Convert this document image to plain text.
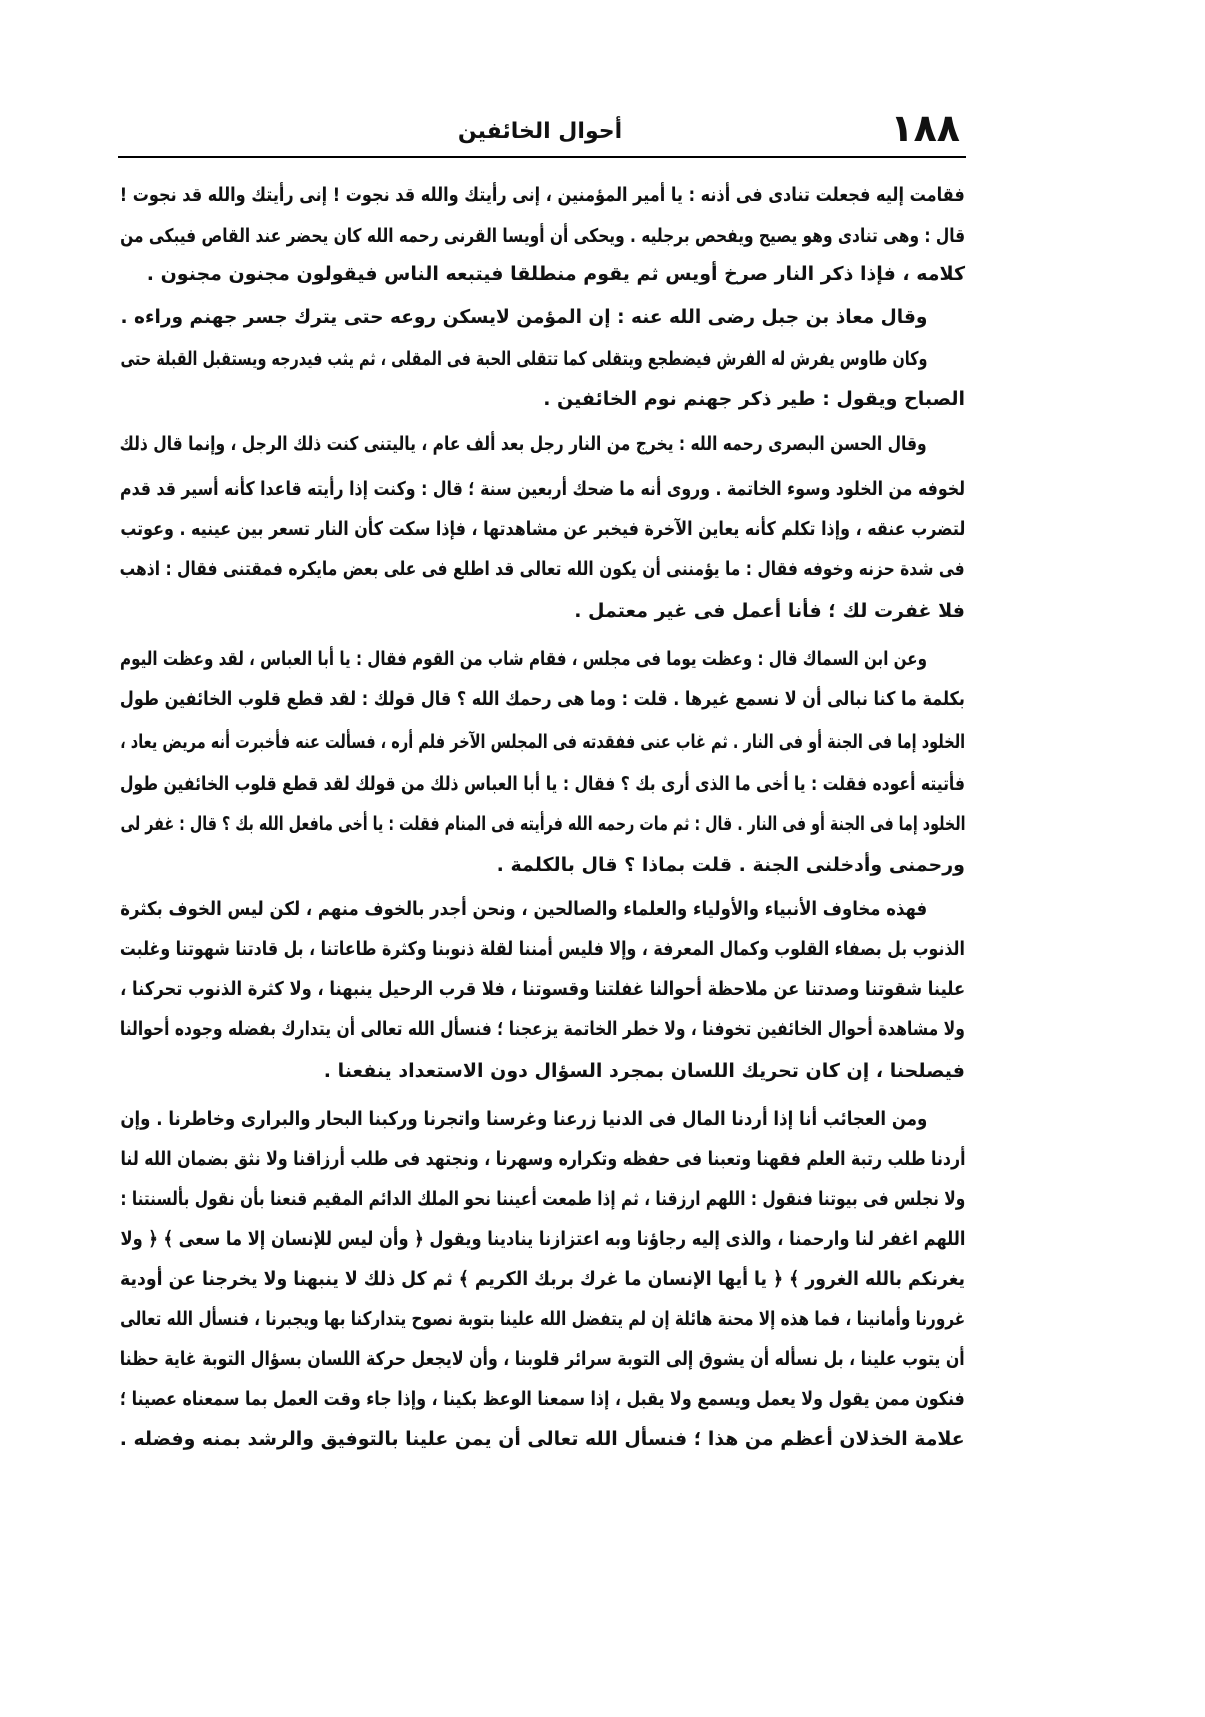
١٨٨
أحوال الخائفين
فقامت إليه فجعلت تنادى فى أذنه : يا أمير المؤمنين ، إنى رأيتك والله قد نجوت ! إنى رأيتك والله قد نجوت !
قال : وهى تنادى وهو يصيح ويفحص برجليه . ويحكى أن أويسا القرنى رحمه الله كان يحضر عند القاص فيبكى من
كلامه ، فإذا ذكر النار صرخ أويس ثم يقوم منطلقا فيتبعه الناس فيقولون مجنون مجنون .
وقال معاذ بن جبل رضى الله عنه : إن المؤمن لايسكن روعه حتى يترك جسر جهنم وراءه .
وكان طاوس يفرش له الفرش فيضطجع ويتقلى كما تتقلى الحبة فى المقلى ، ثم يثب فيدرجه ويستقبل القبلة حتى
الصباح ويقول : طير ذكر جهنم نوم الخائفين .
وقال الحسن البصرى رحمه الله : يخرج من النار رجل بعد ألف عام ، ياليتنى كنت ذلك الرجل ، وإنما قال ذلك
لخوفه من الخلود وسوء الخاتمة . وروى أنه ما ضحك أربعين سنة ؛ قال : وكنت إذا رأيته قاعدا كأنه أسير قد قدم
لتضرب عنقه ، وإذا تكلم كأنه يعاين الآخرة فيخبر عن مشاهدتها ، فإذا سكت كأن النار تسعر بين عينيه . وعوتب
فى شدة حزنه وخوفه فقال : ما يؤمننى أن يكون الله تعالى قد اطلع فى على بعض مايكره فمقتنى فقال : اذهب
فلا غفرت لك ؛ فأنا أعمل فى غير معتمل .
وعن ابن السماك قال : وعظت يوما فى مجلس ، فقام شاب من القوم فقال : يا أبا العباس ، لقد وعظت اليوم
بكلمة ما كنا نبالى أن لا نسمع غيرها . قلت : وما هى رحمك الله ؟ قال قولك : لقد قطع قلوب الخائفين طول
الخلود إما فى الجنة أو فى النار . ثم غاب عنى ففقدته فى المجلس الآخر فلم أره ، فسألت عنه فأخبرت أنه مريض يعاد ،
فأتيته أعوده فقلت : يا أخى ما الذى أرى بك ؟ فقال : يا أبا العباس ذلك من قولك لقد قطع قلوب الخائفين طول
الخلود إما فى الجنة أو فى النار . قال : ثم مات رحمه الله فرأيته فى المنام فقلت : يا أخى مافعل الله بك ؟ قال : غفر لى
ورحمنى وأدخلنى الجنة . قلت بماذا ؟ قال بالكلمة .
فهذه مخاوف الأنبياء والأولياء والعلماء والصالحين ، ونحن أجدر بالخوف منهم ، لكن ليس الخوف بكثرة
الذنوب بل بصفاء القلوب وكمال المعرفة ، وإلا فليس أمننا لقلة ذنوبنا وكثرة طاعاتنا ، بل قادتنا شهوتنا وغلبت
علينا شقوتنا وصدتنا عن ملاحظة أحوالنا غفلتنا وقسوتنا ، فلا قرب الرحيل ينبهنا ، ولا كثرة الذنوب تحركنا ،
ولا مشاهدة أحوال الخائفين تخوفنا ، ولا خطر الخاتمة يزعجنا ؛ فنسأل الله تعالى أن يتدارك بفضله وجوده أحوالنا
فيصلحنا ، إن كان تحريك اللسان بمجرد السؤال دون الاستعداد ينفعنا .
ومن العجائب أنا إذا أردنا المال فى الدنيا زرعنا وغرسنا واتجرنا وركبنا البحار والبرارى وخاطرنا . وإن
أردنا طلب رتبة العلم فقهنا وتعبنا فى حفظه وتكراره وسهرنا ، ونجتهد فى طلب أرزاقنا ولا نثق بضمان الله لنا
ولا نجلس فى بيوتنا فنقول : اللهم ارزقنا ، ثم إذا طمعت أعيننا نحو الملك الدائم المقيم قنعنا بأن نقول بألسنتنا :
اللهم اغفر لنا وارحمنا ، والذى إليه رجاؤنا وبه اعتزازنا ينادينا ويقول ﴿ وأن ليس للإنسان إلا ما سعى ﴾ ﴿ ولا
يغرنكم بالله الغرور ﴾ ﴿ يا أيها الإنسان ما غرك بربك الكريم ﴾ ثم كل ذلك لا ينبهنا ولا يخرجنا عن أودية
غرورنا وأمانينا ، فما هذه إلا محنة هائلة إن لم يتفضل الله علينا بتوبة نصوح يتداركنا بها ويجبرنا ، فنسأل الله تعالى
أن يتوب علينا ، بل نسأله أن يشوق إلى التوبة سرائر قلوبنا ، وأن لايجعل حركة اللسان بسؤال التوبة غاية حظنا
فنكون ممن يقول ولا يعمل ويسمع ولا يقبل ، إذا سمعنا الوعظ بكينا ، وإذا جاء وقت العمل بما سمعناه عصينا ؛
علامة الخذلان أعظم من هذا ؛ فنسأل الله تعالى أن يمن علينا بالتوفيق والرشد بمنه وفضله .
